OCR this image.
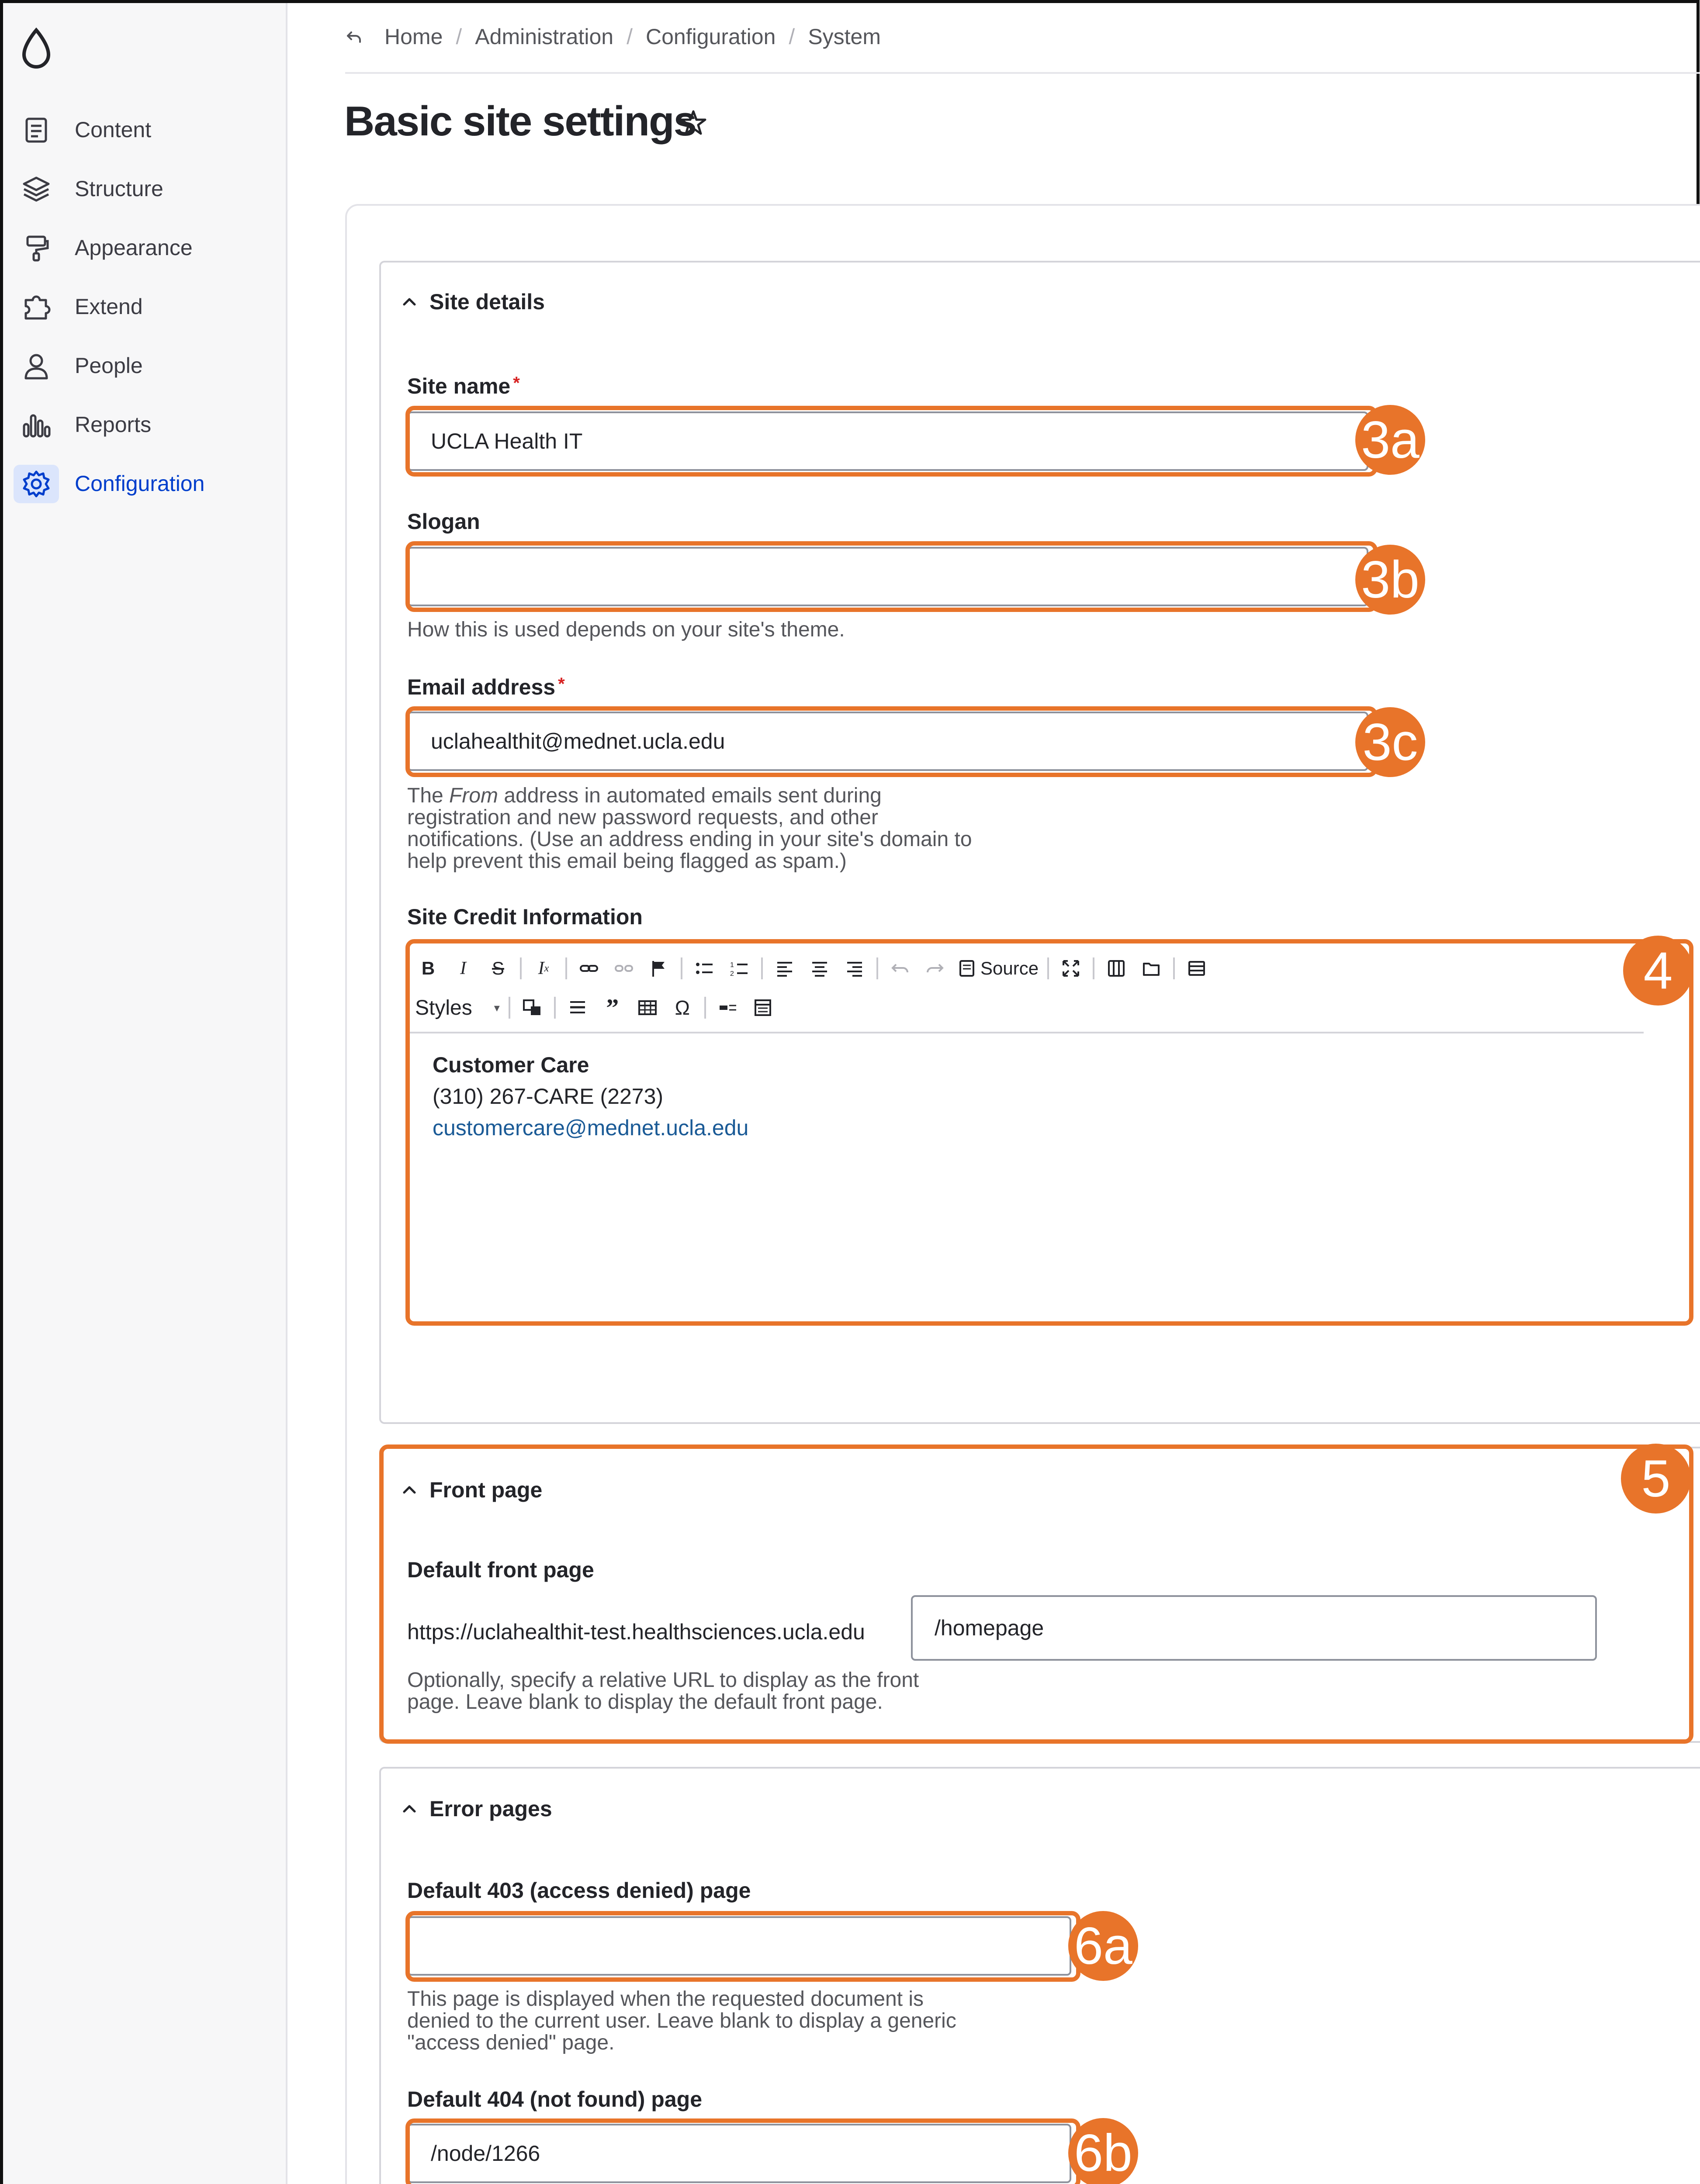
Content
Structure
Appearance
Extend
People
Reports
Configuration
Home / Administration / Configuration / System
Basic site settings
Site details
Site name *
UCLA Health IT
Slogan
How this is used depends on your site's theme.
Email address *
uclahealthit@mednet.ucla.edu

The From address in automated emails sent during

registration and new password requests, and other

notifications. (Use an address ending in your site's domain to

help prevent this email being flagged as spam.)

Site Credit Information
B	I	S	I x	1
2	Source
Styles ▾	”	Ω
Customer Care
(310) 267-CARE (2273)
customercare@mednet.ucla.edu
Front page
Default front page
https://uclahealthit-test.healthsciences.ucla.edu	/homepage

Optionally, specify a relative URL to display as the front

page. Leave blank to display the default front page.

Error pages
Default 403 (access denied) page

This page is displayed when the requested document is

denied to the current user. Leave blank to display a generic

"access denied" page.

Default 404 (not found) page
/node/1266

3a
3b
3c
4
5
6a
6b
